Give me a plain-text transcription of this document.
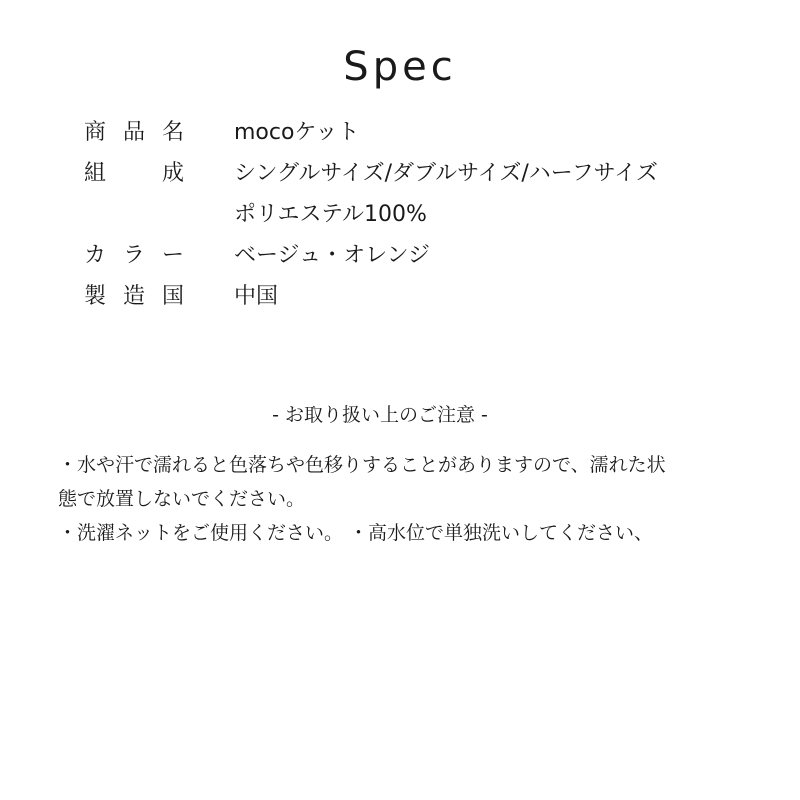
Spec
商品名 mocoケット
組成 シングルサイズ/ダブルサイズ/ハーフサイズ
ポリエステル100%
カラー ベージュ・オレンジ
製造国 中国
- お取り扱い上のご注意 -
・水や汗で濡れると色落ちや色移りすることがありますので、濡れた状
態で放置しないでください。
・洗濯ネットをご使用ください。 ・高水位で単独洗いしてください、
